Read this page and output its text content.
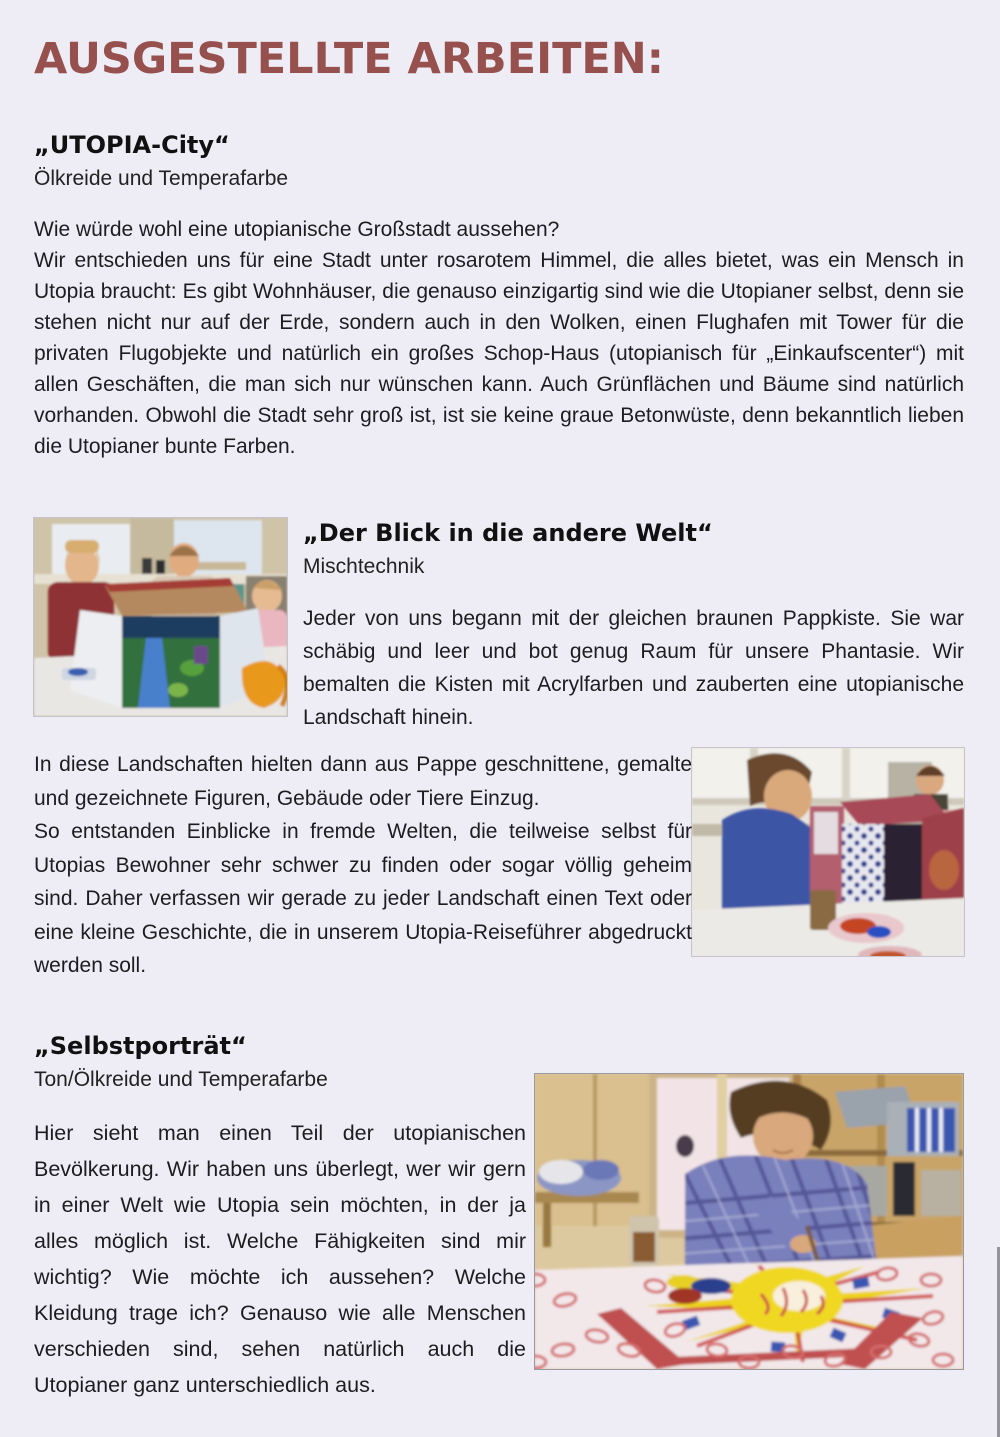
AUSGESTELLTE ARBEITEN:
„UTOPIA-City“
Ölkreide und Temperafarbe

Wie würde wohl eine utopianische Großstadt aussehen?

Wir entschieden uns für eine Stadt unter rosarotem Himmel, die alles bietet, was ein Mensch in Utopia braucht: Es gibt Wohnhäuser, die genauso einzigartig sind wie die Utopianer selbst, denn sie stehen nicht nur auf der Erde, sondern auch in den Wolken, einen Flughafen mit Tower für die privaten Flugobjekte und natürlich ein großes Schop-Haus (utopianisch für „Einkaufscenter“) mit allen Geschäften, die man sich nur wünschen kann. Auch Grünflächen und Bäume sind natürlich vorhanden. Obwohl die Stadt sehr groß ist, ist sie keine graue Betonwüste, denn bekanntlich lieben die Utopianer bunte Farben.

„Der Blick in die andere Welt“
Mischtechnik

Jeder von uns begann mit der gleichen braunen Pappkiste. Sie war schäbig und leer und bot genug Raum für unsere Phantasie. Wir bemalten die Kisten mit Acrylfarben und zauberten eine utopianische Landschaft hinein.

In diese Landschaften hielten dann aus Pappe geschnittene, gemalte und gezeichnete Figuren, Gebäude oder Tiere Einzug.

So entstanden Einblicke in fremde Welten, die teilweise selbst für Utopias Bewohner sehr schwer zu finden oder sogar völlig geheim sind. Daher verfassen wir gerade zu jeder Landschaft einen Text oder eine kleine Geschichte, die in unserem Utopia-Reiseführer abgedruckt werden soll.

„Selbstporträt“
Ton/Ölkreide und Temperafarbe

Hier sieht man einen Teil der utopianischen Bevölkerung. Wir haben uns überlegt, wer wir gern in einer Welt wie Utopia sein möchten, in der ja alles möglich ist. Welche Fähigkeiten sind mir wichtig? Wie möchte ich aussehen? Welche Kleidung trage ich? Genauso wie alle Menschen verschieden sind, sehen natürlich auch die Utopianer ganz unterschiedlich aus.
